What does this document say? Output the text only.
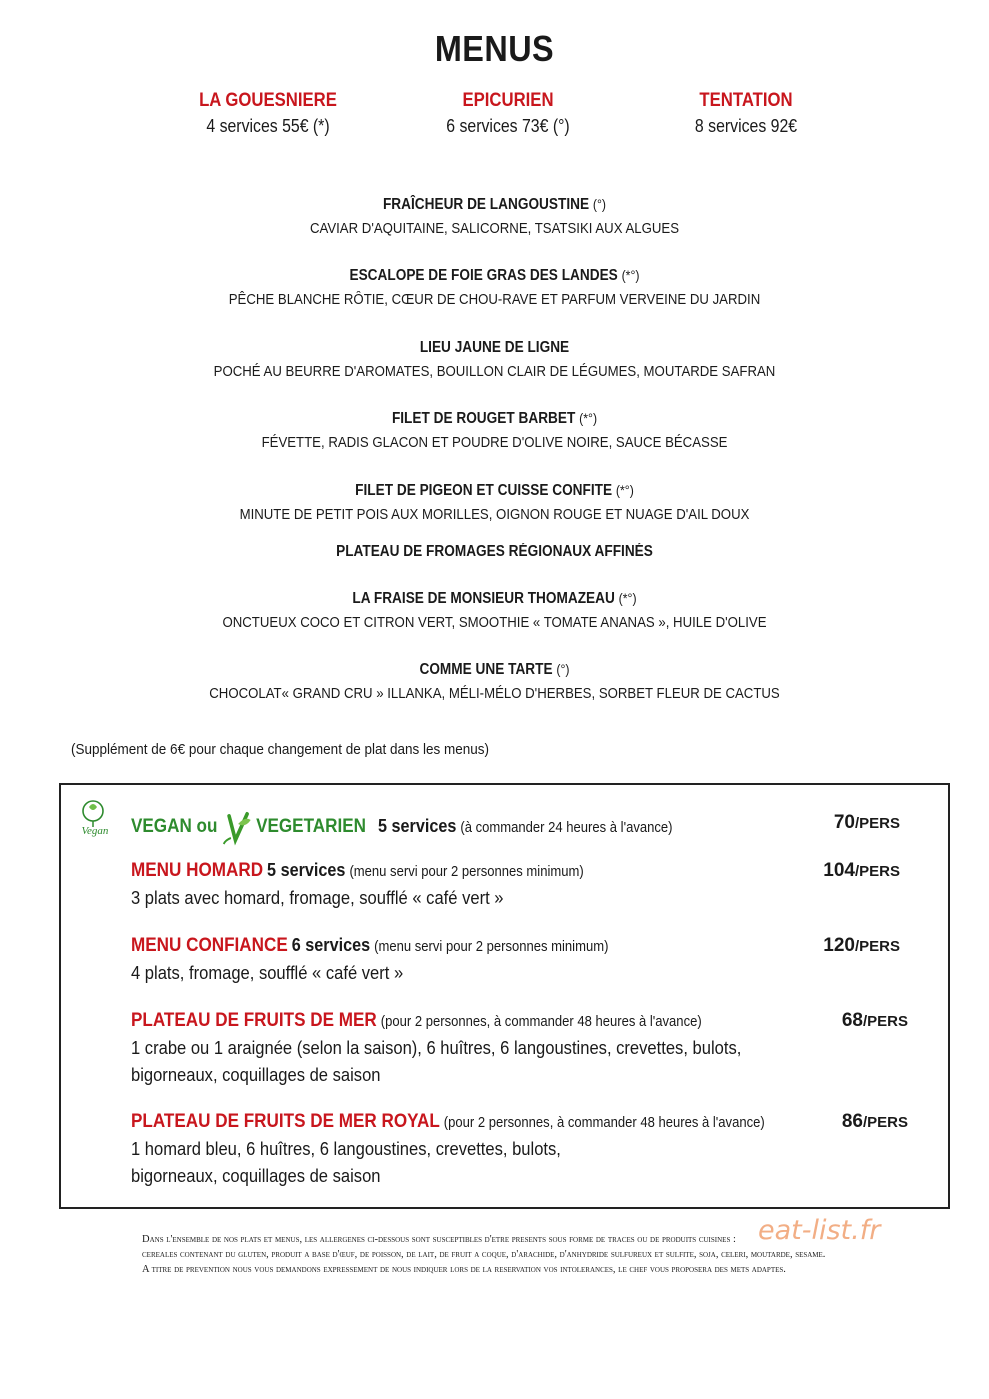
MENUS
LA GOUESNIERE
4 services 55€ (*)
EPICURIEN
6 services 73€ (°)
TENTATION
8 services 92€
FRAÎCHEUR DE LANGOUSTINE (°)
CAVIAR D'AQUITAINE, SALICORNE, TSATSIKI AUX ALGUES
ESCALOPE DE FOIE GRAS DES LANDES (*°)
PÊCHE BLANCHE RÔTIE, CŒUR DE CHOU-RAVE ET PARFUM VERVEINE DU JARDIN
LIEU JAUNE DE LIGNE
POCHÉ AU BEURRE D'AROMATES, BOUILLON CLAIR DE LÉGUMES, MOUTARDE SAFRAN
FILET DE ROUGET BARBET (*°)
FÉVETTE, RADIS GLACON ET POUDRE D'OLIVE NOIRE, SAUCE BÉCASSE
FILET DE PIGEON ET CUISSE CONFITE (*°)
MINUTE DE PETIT POIS AUX MORILLES, OIGNON ROUGE ET NUAGE D'AIL DOUX
PLATEAU DE FROMAGES RÉGIONAUX AFFINÉS
LA FRAISE DE MONSIEUR THOMAZEAU (*°)
ONCTUEUX COCO ET CITRON VERT, SMOOTHIE « TOMATE ANANAS », HUILE D'OLIVE
COMME UNE TARTE (°)
CHOCOLAT« GRAND CRU » ILLANKA, MÉLI-MÉLO D'HERBES, SORBET FLEUR DE CACTUS
(Supplément de 6€ pour chaque changement de plat dans les menus)
Vegan VEGAN ou VEGETARIEN 5 services (à commander 24 heures à l'avance)	70/PERS
MENU HOMARD 5 services (menu servi pour 2 personnes minimum)	104/PERS
3 plats avec homard, fromage, soufflé « café vert »
MENU CONFIANCE 6 services (menu servi pour 2 personnes minimum)	120/PERS
4 plats, fromage, soufflé « café vert »
PLATEAU DE FRUITS DE MER (pour 2 personnes, à commander 48 heures à l'avance)	68/PERS
1 crabe ou 1 araignée (selon la saison), 6 huîtres, 6 langoustines, crevettes, bulots,
bigorneaux, coquillages de saison
PLATEAU DE FRUITS DE MER ROYAL (pour 2 personnes, à commander 48 heures à l'avance)	86/PERS
1 homard bleu, 6 huîtres, 6 langoustines, crevettes, bulots,
bigorneaux, coquillages de saison
Dans l'ensemble de nos plats et menus, les allergenes ci-dessous sont susceptibles d'etre presents sous forme de traces ou de produits cuisines :
cereales contenant du gluten, produit a base d'œuf, de poisson, de lait, de fruit a coque, d'arachide, d'anhydride sulfureux et sulfite, soja, celeri, moutarde, sesame.
A titre de prevention nous vous demandons expressement de nous indiquer lors de la reservation vos intolerances, le chef vous proposera des mets adaptes.
eat-list.fr
